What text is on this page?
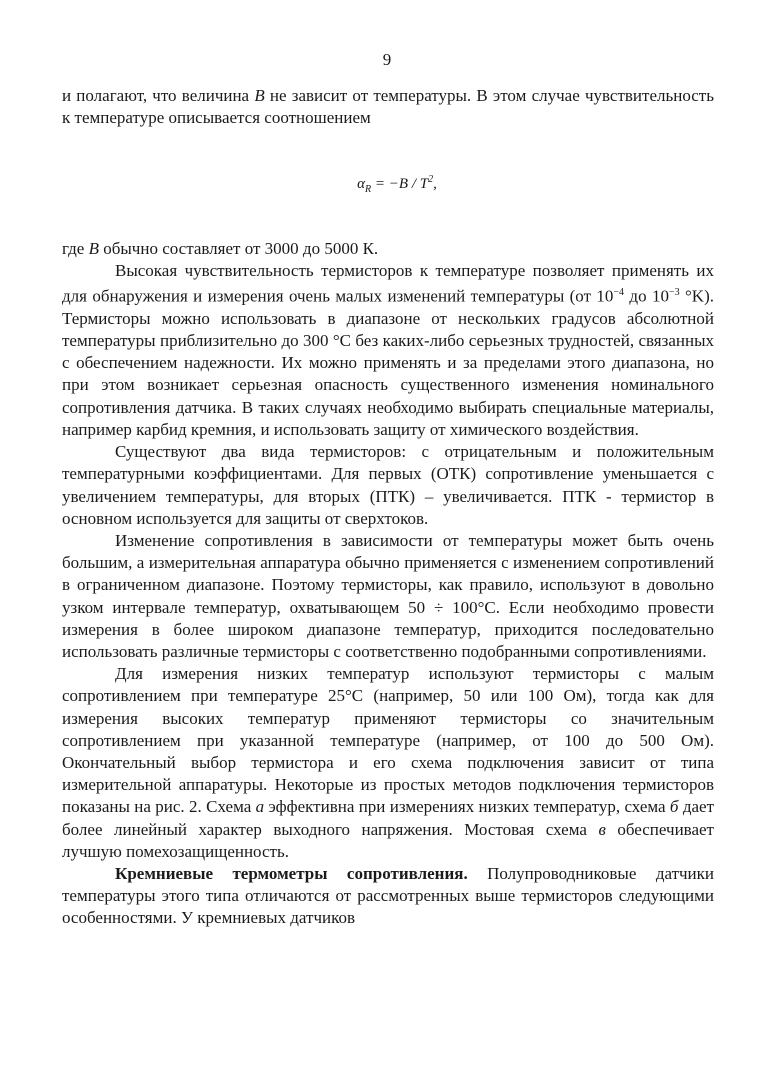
9

и полагают, что величина B не зависит от температуры. В этом случае чувствительность к температуре описывается соотношением

$\alpha_R = -B / T^2$,

где B обычно составляет от 3000 до 5000 К.

Высокая чувствительность термисторов к температуре позволяет применять их для обнаружения и измерения очень малых изменений температуры (от $10^{-4}$ до $10^{-3}$ °K). Термисторы можно использовать в диапазоне от нескольких градусов абсолютной температуры приблизительно до 300 °С без каких-либо серьезных трудностей, связанных с обеспечением надежности. Их можно применять и за пределами этого диапазона, но при этом возникает серьезная опасность существенного изменения номинального сопротивления датчика. В таких случаях необходимо выбирать специальные материалы, например карбид кремния, и использовать защиту от химического воздействия.

Существуют два вида термисторов: с отрицательным и положительным температурными коэффициентами. Для первых (ОТК) сопротивление уменьшается с увеличением температуры, для вторых (ПТК) – увеличивается. ПТК - термистор в основном используется для защиты от сверхтоков.

Изменение сопротивления в зависимости от температуры может быть очень большим, а измерительная аппаратура обычно применяется с изменением сопротивлений в ограниченном диапазоне. Поэтому термисторы, как правило, используют в довольно узком интервале температур, охватывающем 50 ÷ 100°С. Если необходимо провести измерения в более широком диапазоне температур, приходится последовательно использовать различные термисторы с соответственно подобранными сопротивлениями.

Для измерения низких температур используют термисторы с малым сопротивлением при температуре 25°С (например, 50 или 100 Ом), тогда как для измерения высоких температур применяют термисторы со значительным сопротивлением при указанной температуре (например, от 100 до 500 Ом). Окончательный выбор термистора и его схема подключения зависит от типа измерительной аппаратуры. Некоторые из простых методов подключения термисторов показаны на рис. 2. Схема а эффективна при измерениях низких температур, схема б дает более линейный характер выходного напряжения. Мостовая схема в обеспечивает лучшую помехозащищенность.

Кремниевые термометры сопротивления. Полупроводниковые датчики температуры этого типа отличаются от рассмотренных выше термисторов следующими особенностями. У кремниевых датчиков
